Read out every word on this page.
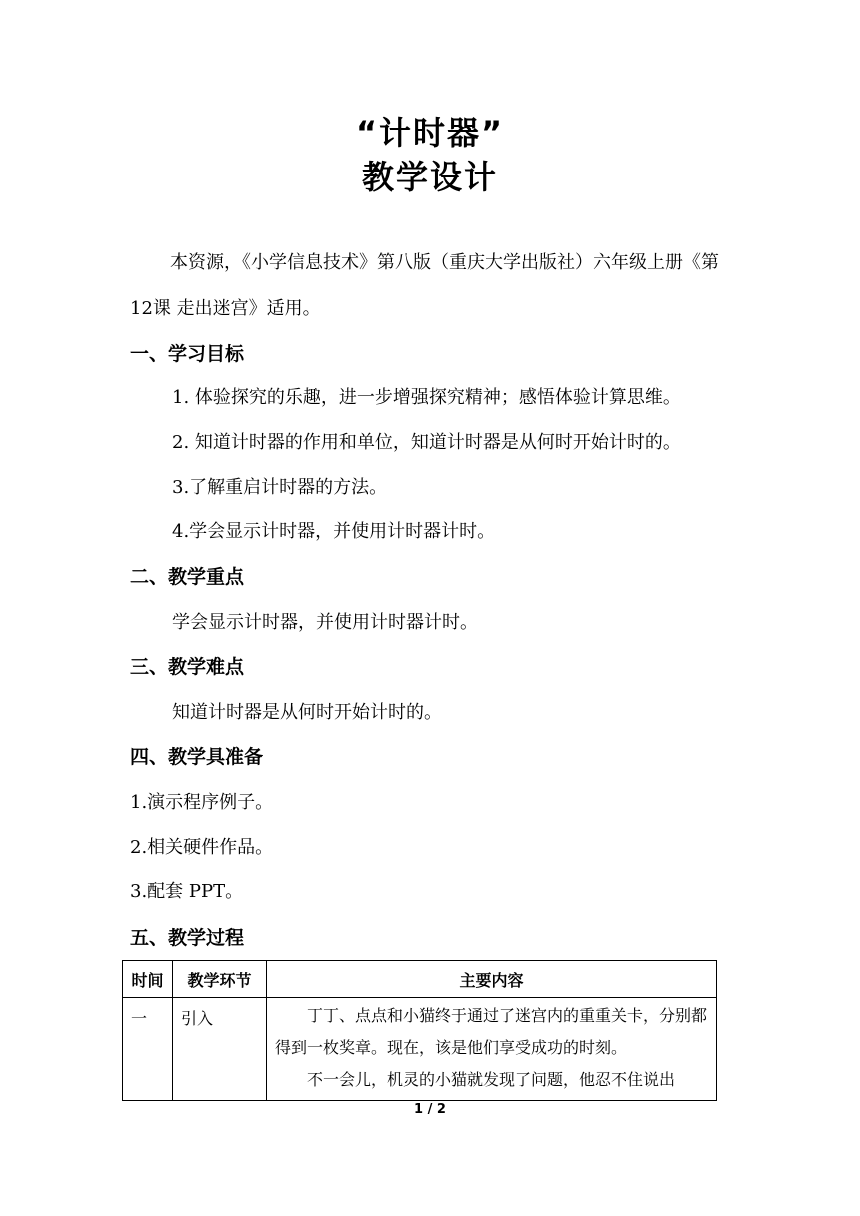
“计时器”
教学设计
本资源，《小学信息技术》第八版（重庆大学出版社）六年级上册《第12课 走出迷宫》适用。
一、学习目标
1. 体验探究的乐趣，进一步增强探究精神；感悟体验计算思维。
2. 知道计时器的作用和单位，知道计时器是从何时开始计时的。
3.了解重启计时器的方法。
4.学会显示计时器，并使用计时器计时。
二、教学重点
学会显示计时器，并使用计时器计时。
三、教学难点
知道计时器是从何时开始计时的。
四、教学具准备
1.演示程序例子。
2.相关硬件作品。
3.配套 PPT。
五、教学过程
时间	教学环节	主要内容

一	引入	丁丁、点点和小猫终于通过了迷宫内的重重关卡，分别都得到一枚奖章。现在，该是他们享受成功的时刻。

不一会儿，机灵的小猫就发现了问题，他忍不住说出

1 / 2
